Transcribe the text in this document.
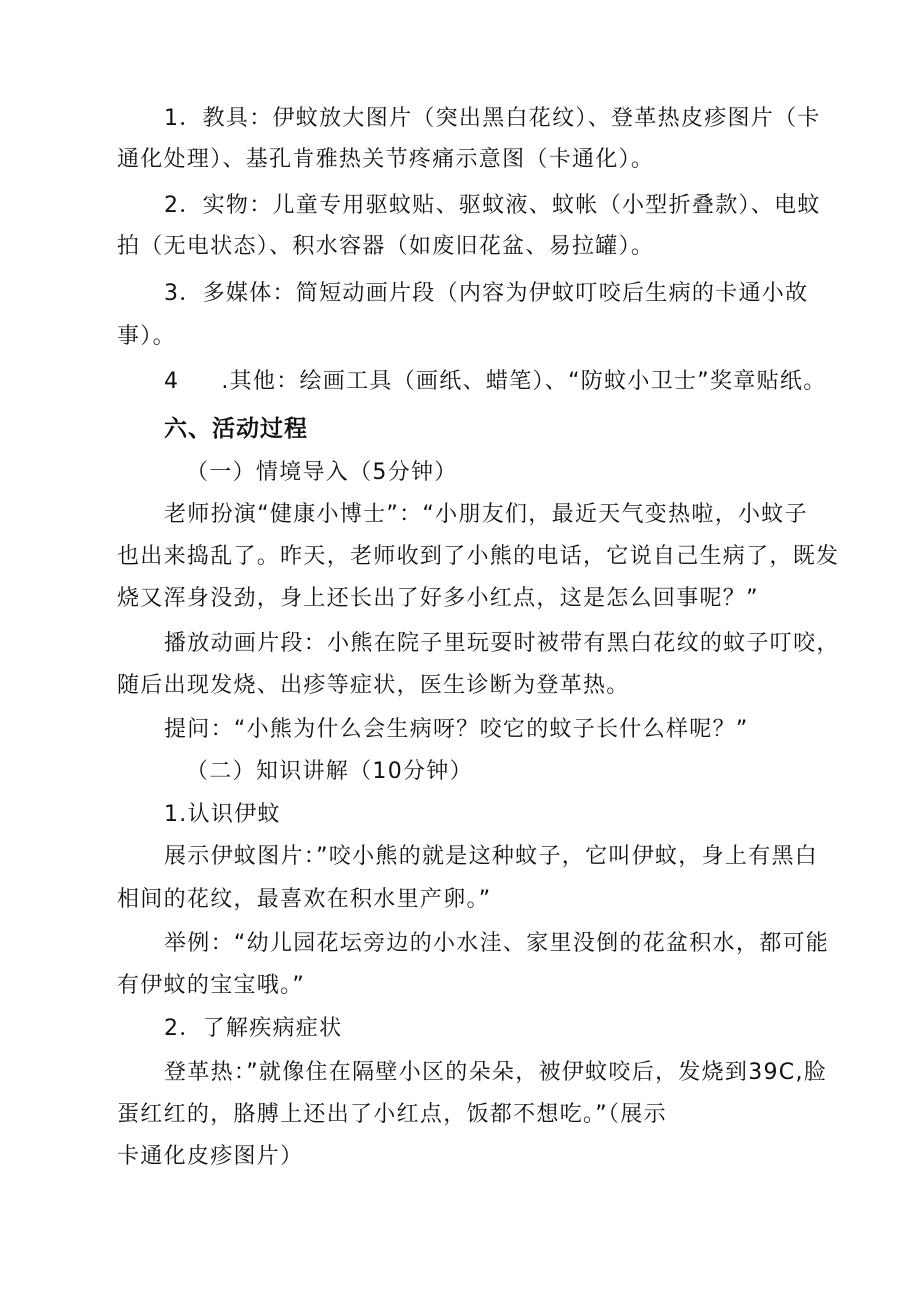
1．教具：伊蚊放大图片（突出黑白花纹）、登革热皮疹图片（卡
通化处理）、基孔肯雅热关节疼痛示意图（卡通化）。
2．实物：儿童专用驱蚊贴、驱蚊液、蚊帐（小型折叠款）、电蚊
拍（无电状态）、积水容器（如废旧花盆、易拉罐）。
3．多媒体：简短动画片段（内容为伊蚊叮咬后生病的卡通小故
事）。
4 .其他：绘画工具（画纸、蜡笔）、“防蚊小卫士”奖章贴纸。
六、活动过程
（一）情境导入（5分钟）
老师扮演“健康小博士”：“小朋友们，最近天气变热啦，小蚊子
也出来捣乱了。昨天，老师收到了小熊的电话，它说自己生病了，既发
烧又浑身没劲，身上还长出了好多小红点，这是怎么回事呢？”
播放动画片段：小熊在院子里玩耍时被带有黑白花纹的蚊子叮咬，
随后出现发烧、出疹等症状，医生诊断为登革热。
提问：“小熊为什么会生病呀？咬它的蚊子长什么样呢？”
（二）知识讲解（10分钟）
1.认识伊蚊
展示伊蚊图片：”咬小熊的就是这种蚊子，它叫伊蚊，身上有黑白
相间的花纹，最喜欢在积水里产卵。”
举例：“幼儿园花坛旁边的小水洼、家里没倒的花盆积水，都可能
有伊蚊的宝宝哦。”
2．了解疾病症状
登革热：”就像住在隔壁小区的朵朵，被伊蚊咬后，发烧到39C,脸
蛋红红的，胳膊上还出了小红点，饭都不想吃。”（展示
卡通化皮疹图片）
